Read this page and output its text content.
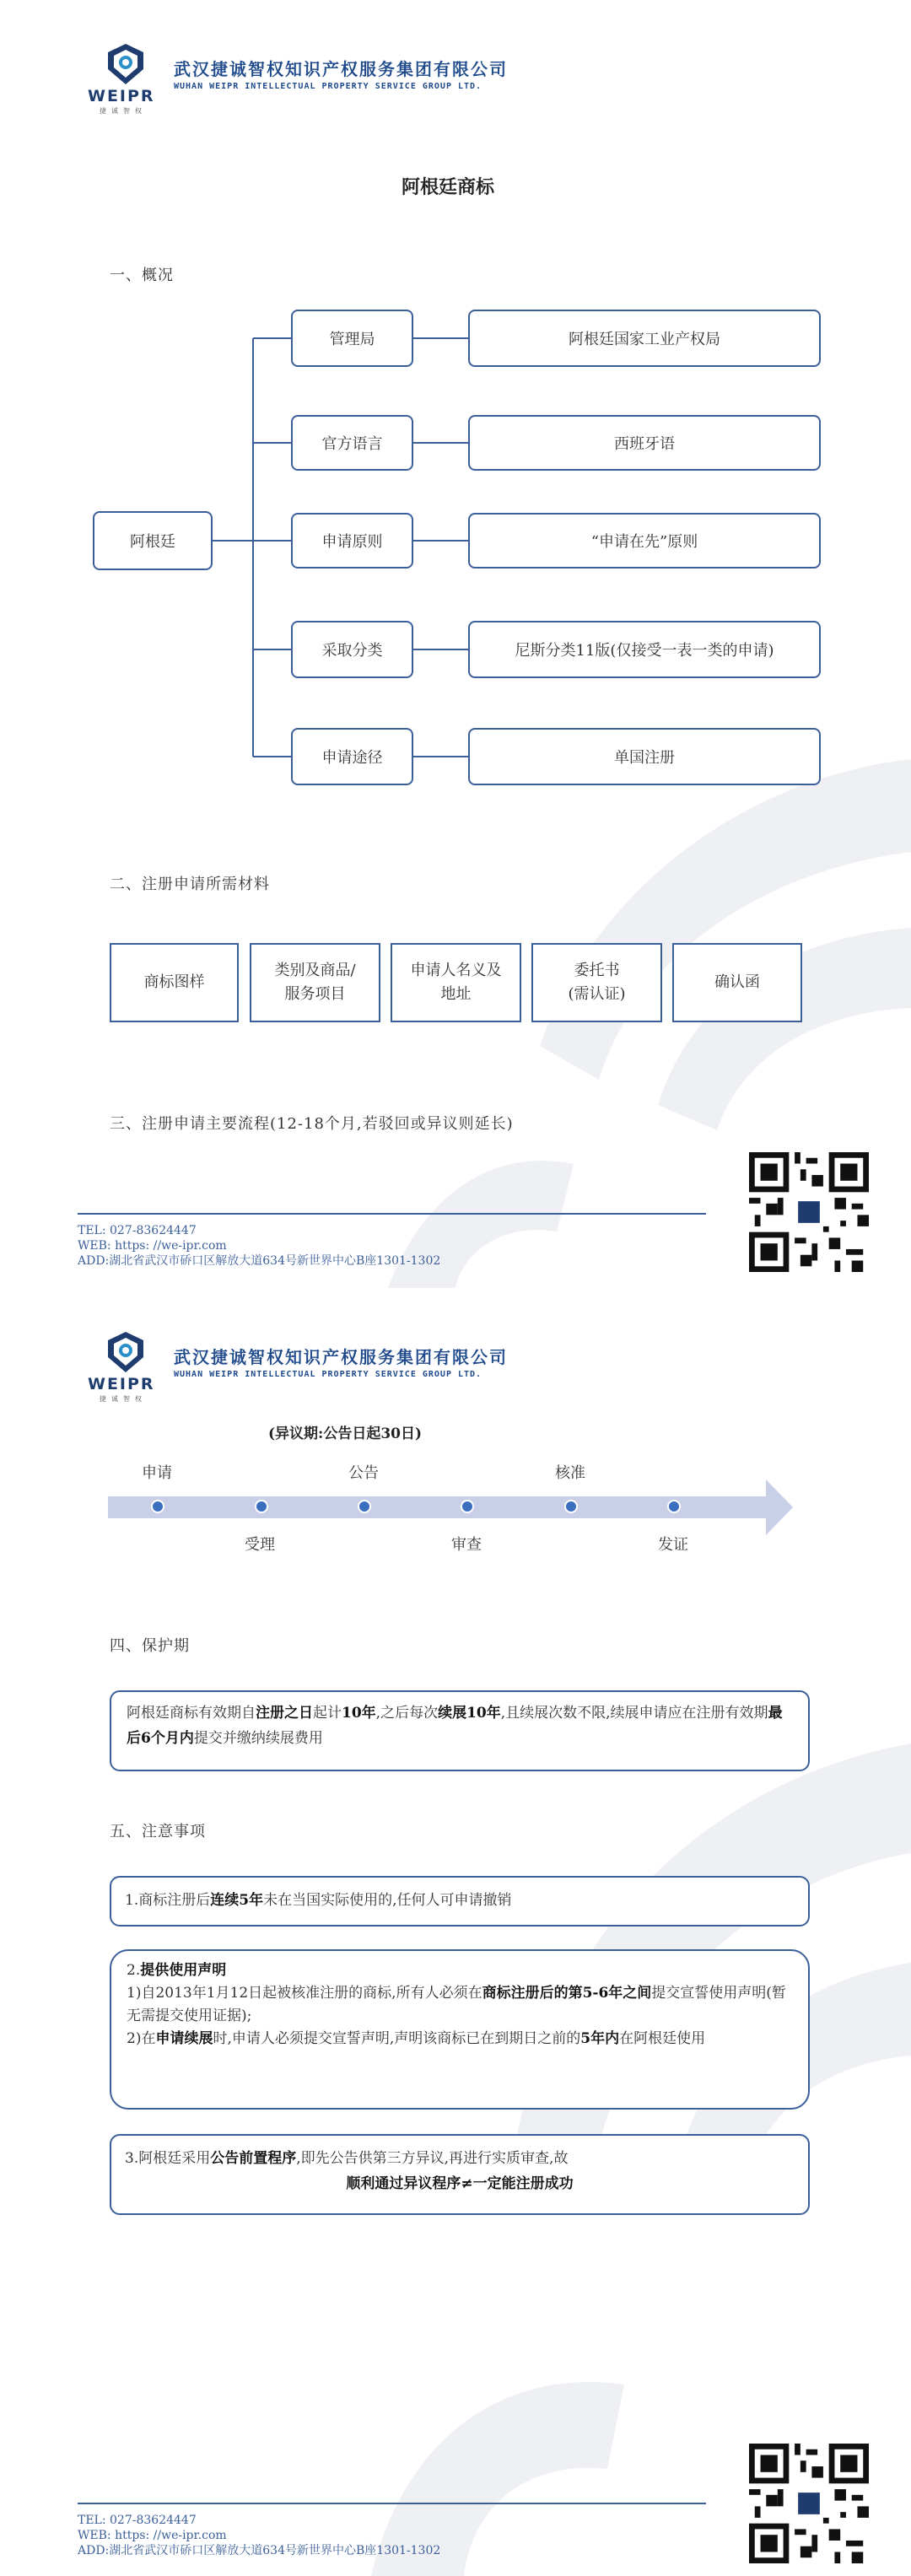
WEIPR
捷诚智权
武汉捷诚智权知识产权服务集团有限公司
WUHAN WEIPR INTELLECTUAL PROPERTY SERVICE GROUP LTD.
阿根廷商标
一、概况
阿根廷
管理局	阿根廷国家工业产权局
官方语言	西班牙语
申请原则	“申请在先”原则
采取分类	尼斯分类11版(仅接受一表一类的申请)
申请途径	单国注册
二、注册申请所需材料
商标图样
类别及商品/
服务项目
申请人名义及
地址
委托书
(需认证)
确认函
三、注册申请主要流程(12-18个月,若驳回或异议则延长)
TEL: 027-83624447
WEB: https: //we-ipr.com
ADD:湖北省武汉市硚口区解放大道634号新世界中心B座1301-1302
WEIPR
捷诚智权
武汉捷诚智权知识产权服务集团有限公司
WUHAN WEIPR INTELLECTUAL PROPERTY SERVICE GROUP LTD.
(异议期:公告日起30日)
申请	公告	核准
受理	审查	发证
四、保护期
阿根廷商标有效期自注册之日起计10年,之后每次续展10年,且续展次数不限,续展申请应在注册有效期最后6个月内提交并缴纳续展费用
五、注意事项
1.商标注册后连续5年未在当国实际使用的,任何人可申请撤销
2.提供使用声明
1)自2013年1月12日起被核准注册的商标,所有人必须在商标注册后的第5-6年之间提交宣誓使用声明(暂无需提交使用证据);
2)在申请续展时,申请人必须提交宣誓声明,声明该商标已在到期日之前的5年内在阿根廷使用
3.阿根廷采用公告前置程序,即先公告供第三方异议,再进行实质审查,故
顺利通过异议程序≠一定能注册成功
TEL: 027-83624447
WEB: https: //we-ipr.com
ADD:湖北省武汉市硚口区解放大道634号新世界中心B座1301-1302
